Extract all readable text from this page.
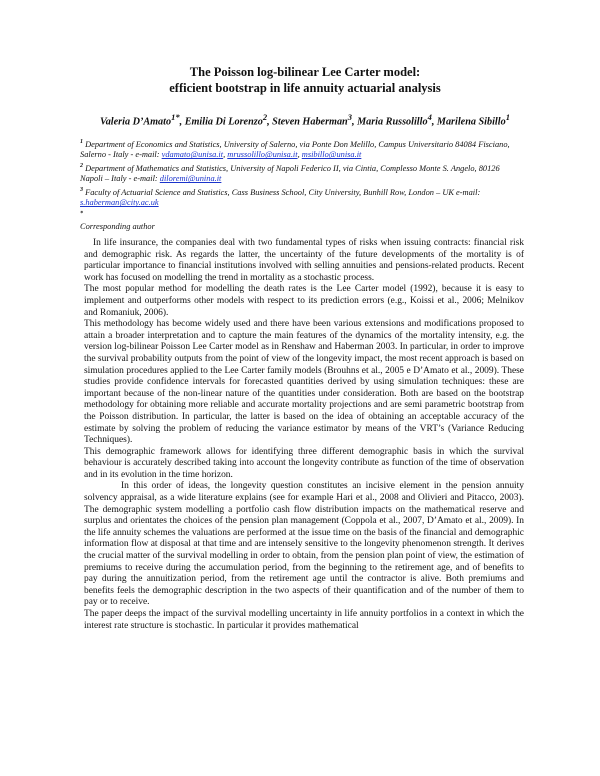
The Poisson log-bilinear Lee Carter model:
efficient bootstrap in life annuity actuarial analysis
Valeria D’Amato$^{1*}$, Emilia Di Lorenzo$^2$, Steven Haberman$^3$, Maria Russolillo$^4$, Marilena Sibillo$^1$

$^1$ Department of Economics and Statistics, University of Salerno, via Ponte Don Melillo, Campus Universitario 84084 Fisciano, Salerno - Italy - e-mail: vdamato@unisa.it, mrussolillo@unisa.it, msibillo@unisa.it

$^2$ Department of Mathematics and Statistics, University of Napoli Federico II, via Cintia, Complesso Monte S. Angelo, 80126 Napoli – Italy - e-mail: diloremi@unina.it

$^3$ Faculty of Actuarial Science and Statistics, Cass Business School, City University, Bunhill Row, London – UK e-mail: s.haberman@city.ac.uk

*
Corresponding author

In life insurance, the companies deal with two fundamental types of risks when issuing contracts: financial risk and demographic risk. As regards the latter, the uncertainty of the future developments of the mortality is of particular importance to financial institutions involved with selling annuities and pensions-related products. Recent work has focused on modelling the trend in mortality as a stochastic process.

The most popular method for modelling the death rates is the Lee Carter model (1992), because it is easy to implement and outperforms other models with respect to its prediction errors (e.g., Koissi et al., 2006; Melnikov and Romaniuk, 2006).

This methodology has become widely used and there have been various extensions and modifications proposed to attain a broader interpretation and to capture the main features of the dynamics of the mortality intensity, e.g. the version log-bilinear Poisson Lee Carter model as in Renshaw and Haberman 2003. In particular, in order to improve the survival probability outputs from the point of view of the longevity impact, the most recent approach is based on simulation procedures applied to the Lee Carter family models (Brouhns et al., 2005 e D’Amato et al., 2009). These studies provide confidence intervals for forecasted quantities derived by using simulation techniques: these are important because of the non-linear nature of the quantities under consideration. Both are based on the bootstrap methodology for obtaining more reliable and accurate mortality projections and are semi parametric bootstrap from the Poisson distribution. In particular, the latter is based on the idea of obtaining an acceptable accuracy of the estimate by solving the problem of reducing the variance estimator by means of the VRT’s (Variance Reducing Techniques).

This demographic framework allows for identifying three different demographic basis in which the survival behaviour is accurately described taking into account the longevity contribute as function of the time of observation and in its evolution in the time horizon.

In this order of ideas, the longevity question constitutes an incisive element in the pension annuity solvency appraisal, as a wide literature explains (see for example Hari et al., 2008 and Olivieri and Pitacco, 2003). The demographic system modelling a portfolio cash flow distribution impacts on the mathematical reserve and surplus and orientates the choices of the pension plan management (Coppola et al., 2007, D’Amato et al., 2009). In the life annuity schemes the valuations are performed at the issue time on the basis of the financial and demographic information flow at disposal at that time and are intensely sensitive to the longevity phenomenon strength. It derives the crucial matter of the survival modelling in order to obtain, from the pension plan point of view, the estimation of premiums to receive during the accumulation period, from the beginning to the retirement age, and of benefits to pay during the annuitization period, from the retirement age until the contractor is alive. Both premiums and benefits feels the demographic description in the two aspects of their quantification and of the number of them to pay or to receive.

The paper deeps the impact of the survival modelling uncertainty in life annuity portfolios in a context in which the interest rate structure is stochastic. In particular it provides mathematical
